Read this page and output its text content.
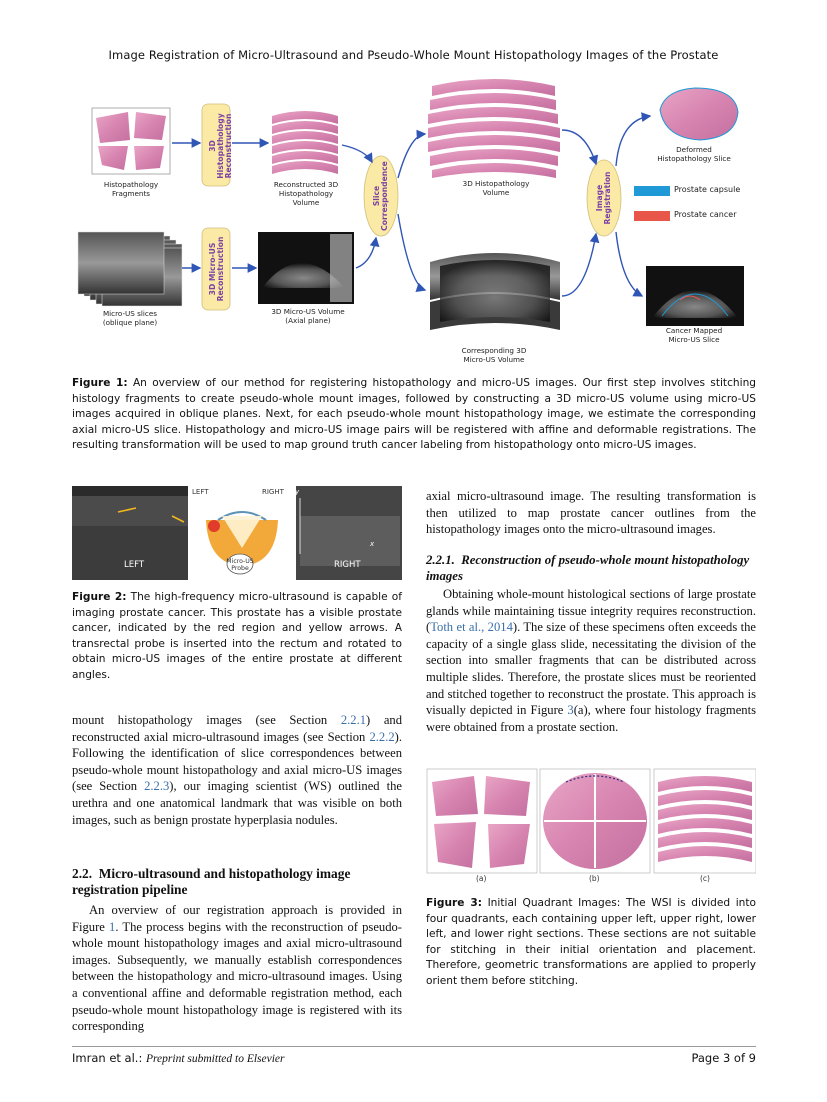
Image Registration of Micro-Ultrasound and Pseudo-Whole Mount Histopathology Images of the Prostate
3D Histopathology Reconstruction
3D Micro-US Reconstruction
Slice Correspondence	Image Registration
Histopathology
Fragments
Reconstructed 3D
Histopathology
Volume
3D Histopathology
Volume
Deformed
Histopathology Slice
Prostate capsule
Prostate cancer
Micro-US slices
(oblique plane)
3D Micro-US Volume
(Axial plane)
Corresponding 3D
Micro-US Volume
Cancer Mapped
Micro-US Slice
Figure 1: An overview of our method for registering histopathology and micro-US images. Our first step involves stitching histology fragments to create pseudo-whole mount images, followed by constructing a 3D micro-US volume using micro-US images acquired in oblique planes. Next, for each pseudo-whole mount histopathology image, we estimate the corresponding axial micro-US slice. Histopathology and micro-US image pairs will be registered with affine and deformable registrations. The resulting transformation will be used to map ground truth cancer labeling from histopathology onto micro-US images.
LEFT	RIGHT
LEFT	RIGHT
Micro-US
Probe
y
x
Figure 2: The high-frequency micro-ultrasound is capable of imaging prostate cancer. This prostate has a visible prostate cancer, indicated by the red region and yellow arrows. A transrectal probe is inserted into the rectum and rotated to obtain micro-US images of the entire prostate at different angles.
mount histopathology images (see Section 2.2.1) and reconstructed axial micro-ultrasound images (see Section 2.2.2). Following the identification of slice correspondences between pseudo-whole mount histopathology and axial micro-US images (see Section 2.2.3), our imaging scientist (WS) outlined the urethra and one anatomical landmark that was visible on both images, such as benign prostate hyperplasia nodules.
2.2. Micro-ultrasound and histopathology image registration pipeline
An overview of our registration approach is provided in Figure 1. The process begins with the reconstruction of pseudo-whole mount histopathology images and axial micro-ultrasound images. Subsequently, we manually establish correspondences between the histopathology and micro-ultrasound images. Using a conventional affine and deformable registration method, each pseudo-whole mount histopathology image is registered with its corresponding
axial micro-ultrasound image. The resulting transformation is then utilized to map prostate cancer outlines from the histopathology images onto the micro-ultrasound images.
2.2.1. Reconstruction of pseudo-whole mount histopathology images
Obtaining whole-mount histological sections of large prostate glands while maintaining tissue integrity requires reconstruction. (Toth et al., 2014). The size of these specimens often exceeds the capacity of a single glass slide, necessitating the division of the section into smaller fragments that can be distributed across multiple slides. Therefore, the prostate slices must be reoriented and stitched together to reconstruct the prostate. This approach is visually depicted in Figure 3(a), where four histology fragments were obtained from a prostate section.
(a)	(b)	(c)
Figure 3: Initial Quadrant Images: The WSI is divided into four quadrants, each containing upper left, upper right, lower left, and lower right sections. These sections are not suitable for stitching in their initial orientation and placement. Therefore, geometric transformations are applied to properly orient them before stitching.
Imran et al.: Preprint submitted to Elsevier	Page 3 of 9
